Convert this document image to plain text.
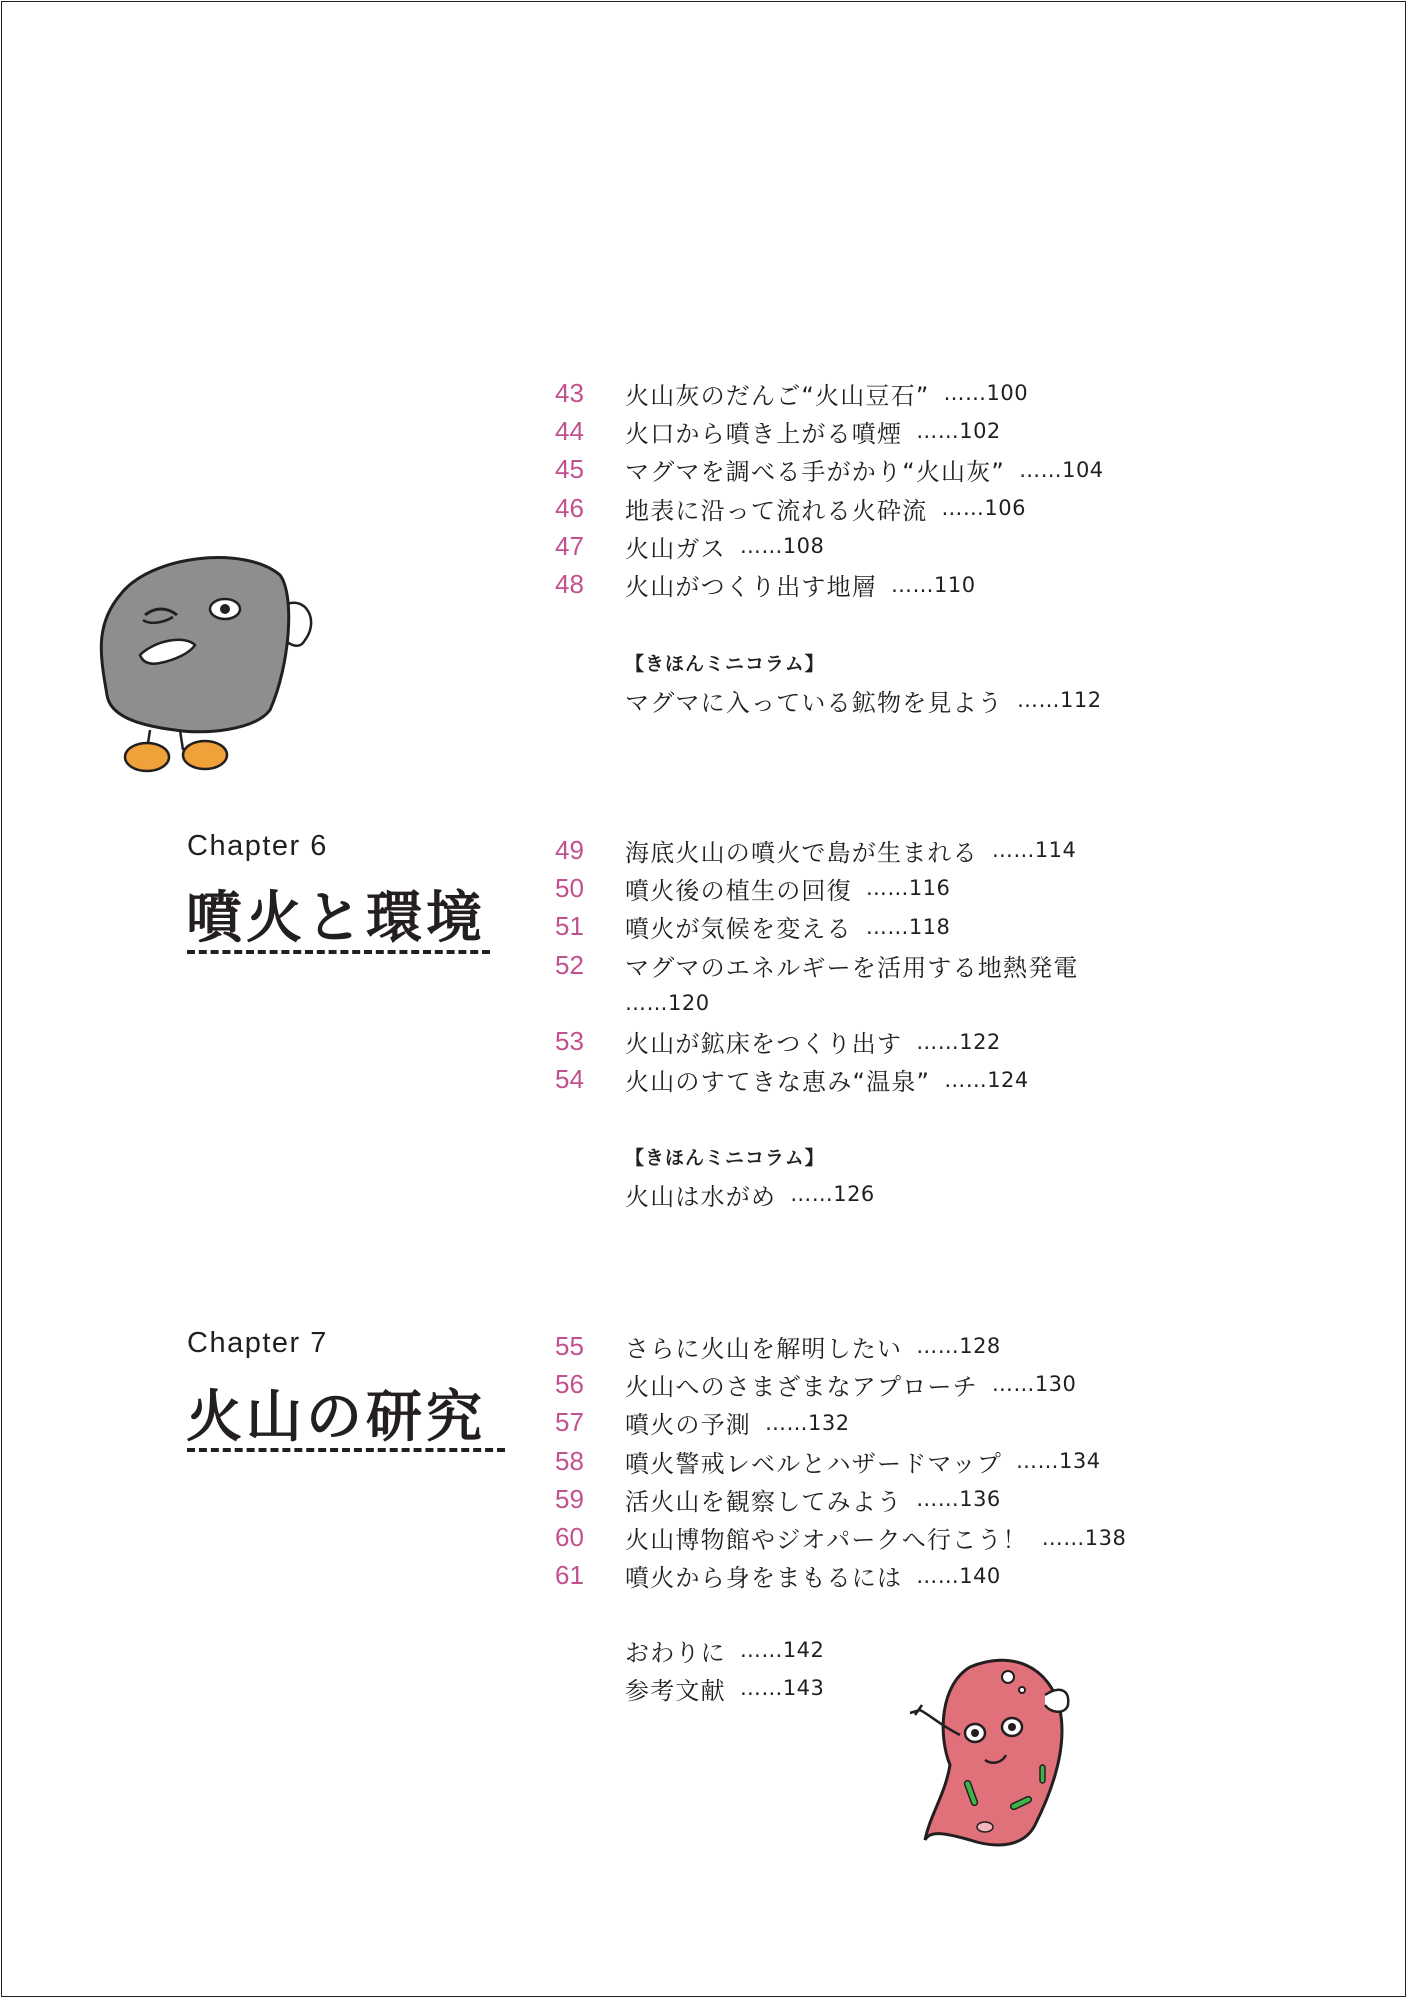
43	火山灰のだんご“火山豆石” ……100
44	火口から噴き上がる噴煙 ……102
45	マグマを調べる手がかり“火山灰” ……104
46	地表に沿って流れる火砕流 ……106
47	火山ガス ……108
48	火山がつくり出す地層 ……110
【きほんミニコラム】
マグマに入っている鉱物を見よう ……112
Chapter 6
噴火と環境
49	海底火山の噴火で島が生まれる ……114
50	噴火後の植生の回復 ……116
51	噴火が気候を変える ……118
52	マグマのエネルギーを活用する地熱発電
……120
53	火山が鉱床をつくり出す ……122
54	火山のすてきな恵み“温泉” ……124
【きほんミニコラム】
火山は水がめ ……126
Chapter 7
火山の研究
55	さらに火山を解明したい ……128
56	火山へのさまざまなアプローチ ……130
57	噴火の予測 ……132
58	噴火警戒レベルとハザードマップ ……134
59	活火山を観察してみよう ……136
60	火山博物館やジオパークへ行こう！ ……138
61	噴火から身をまもるには ……140
おわりに ……142
参考文献 ……143
